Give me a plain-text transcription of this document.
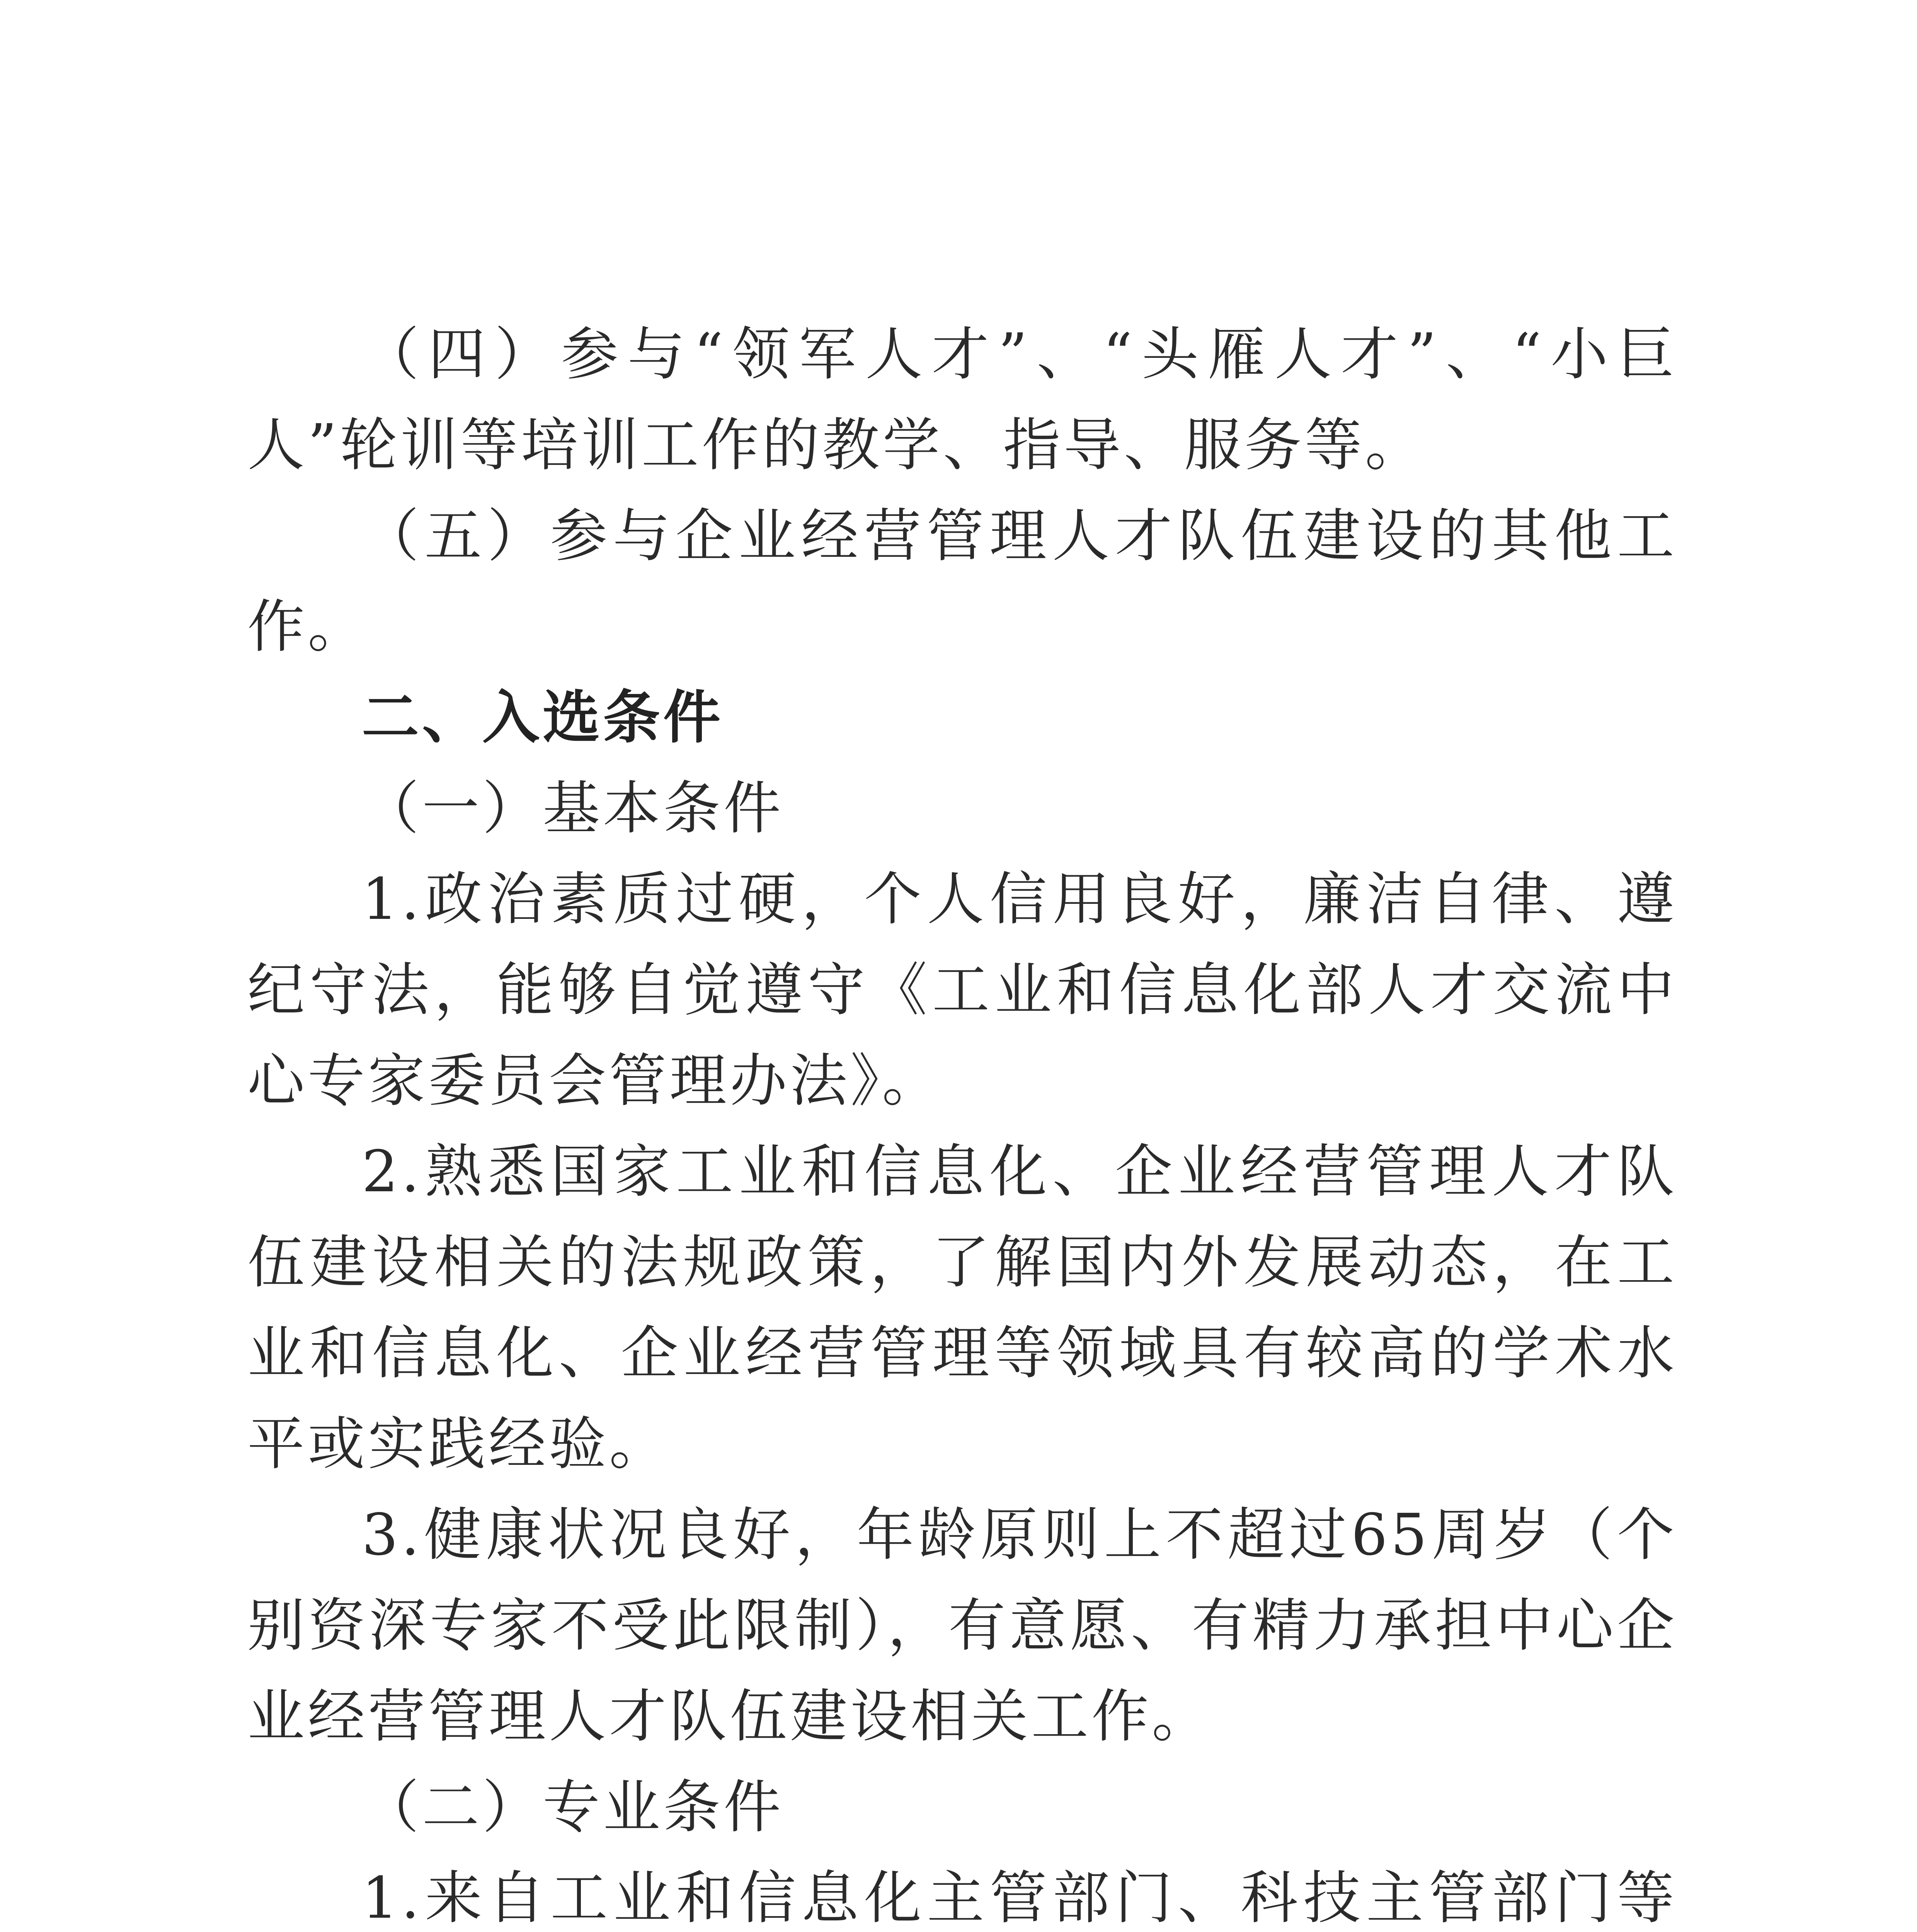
（四）参与“领军人才”、“头雁人才”、“小巨人”轮训等培训工作的教学、指导、服务等。

（五）参与企业经营管理人才队伍建设的其他工作。

二、入选条件

（一）基本条件

1.政治素质过硬，个人信用良好，廉洁自律、遵纪守法，能够自觉遵守《工业和信息化部人才交流中心专家委员会管理办法》。

2.熟悉国家工业和信息化、企业经营管理人才队伍建设相关的法规政策，了解国内外发展动态，在工业和信息化、企业经营管理等领域具有较高的学术水平或实践经验。

3.健康状况良好，年龄原则上不超过65周岁（个别资深专家不受此限制），有意愿、有精力承担中心企业经营管理人才队伍建设相关工作。

（二）专业条件

1.来自工业和信息化主管部门、科技主管部门等
